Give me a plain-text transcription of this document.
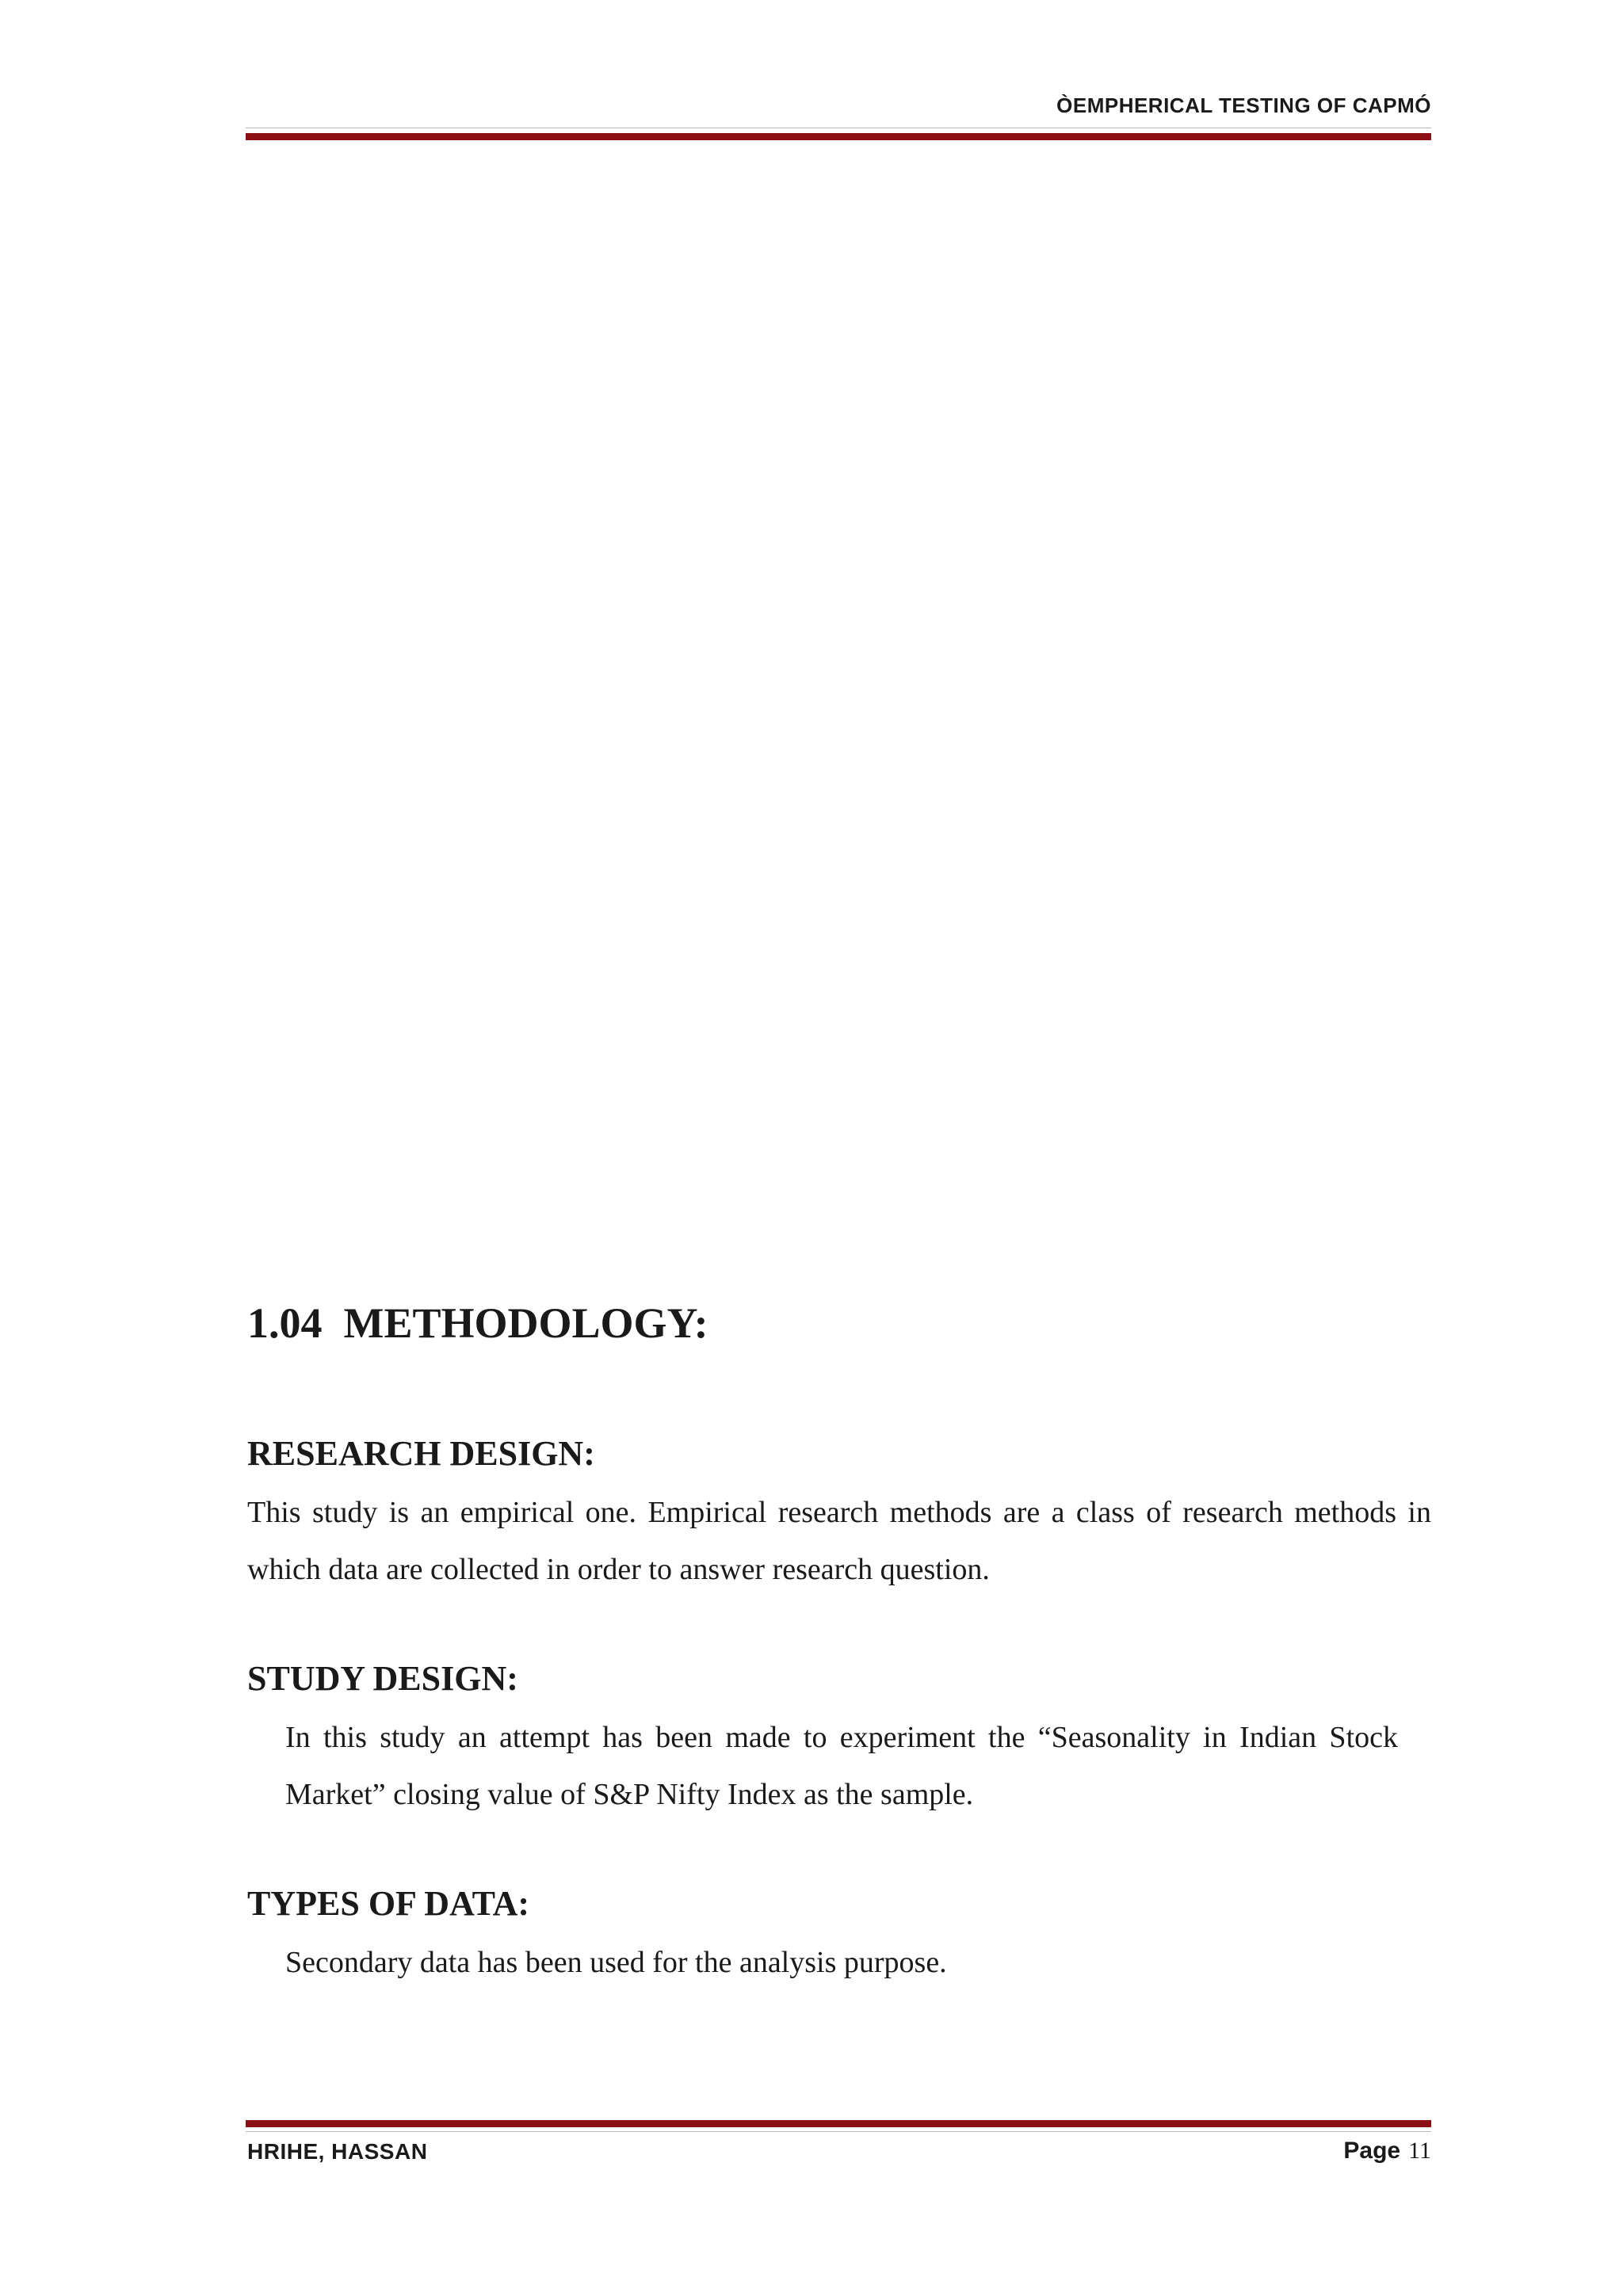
ÒEMPHERICAL TESTING OF CAPMÓ
1.04  METHODOLOGY:
RESEARCH DESIGN:

This study is an empirical one. Empirical research methods are a class of research methods in which data are collected in order to answer research question.

STUDY DESIGN:

In this study an attempt has been made to experiment the “Seasonality in Indian Stock Market” closing value of S&P Nifty Index as the sample.

TYPES OF DATA:

Secondary data has been used for the analysis purpose.

HRIHE, HASSAN	Page 11
